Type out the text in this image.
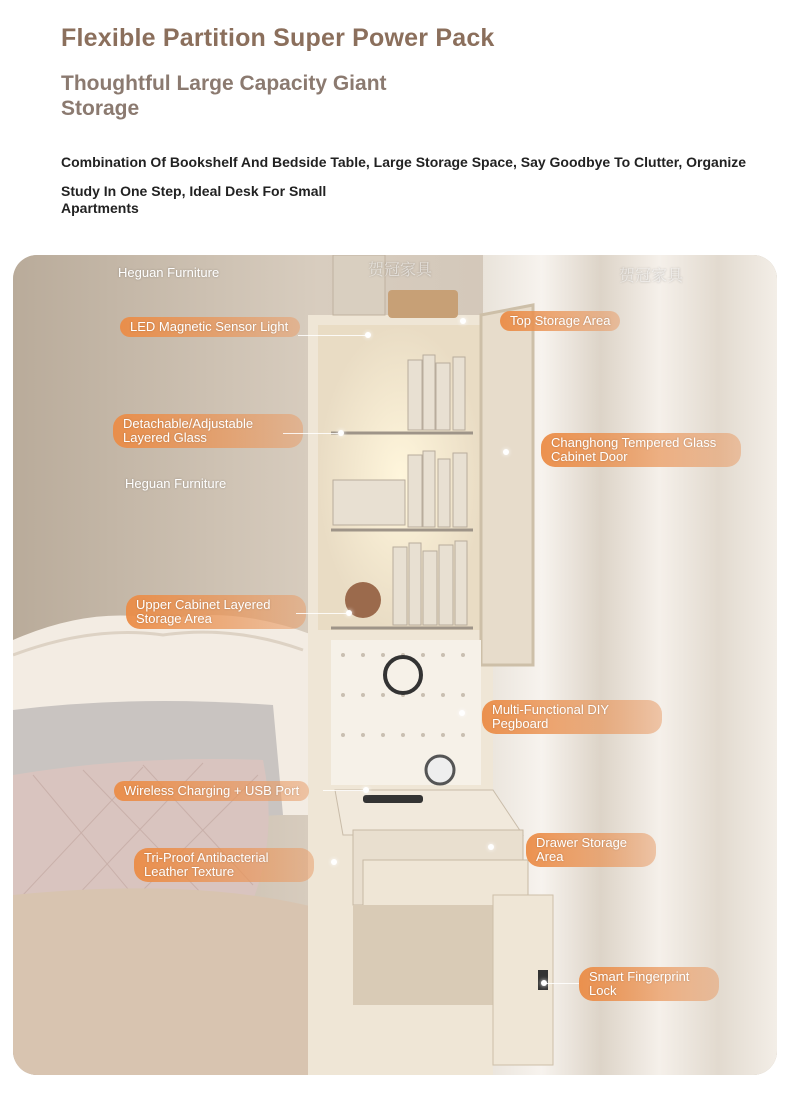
Flexible Partition Super Power Pack
Thoughtful Large Capacity Giant Storage
Combination Of Bookshelf And Bedside Table, Large Storage Space, Say Goodbye To Clutter, Organize
Study In One Step, Ideal Desk For Small Apartments
Heguan Furniture
Heguan Furniture
贺冠家具	贺冠家具
LED Magnetic Sensor Light	Top Storage Area
Detachable/Adjustable Layered Glass	Changhong Tempered Glass Cabinet Door
Upper Cabinet Layered Storage Area
Multi-Functional DIY Pegboard
Wireless Charging + USB Port
Drawer Storage Area
Tri-Proof Antibacterial Leather Texture
Smart Fingerprint Lock
